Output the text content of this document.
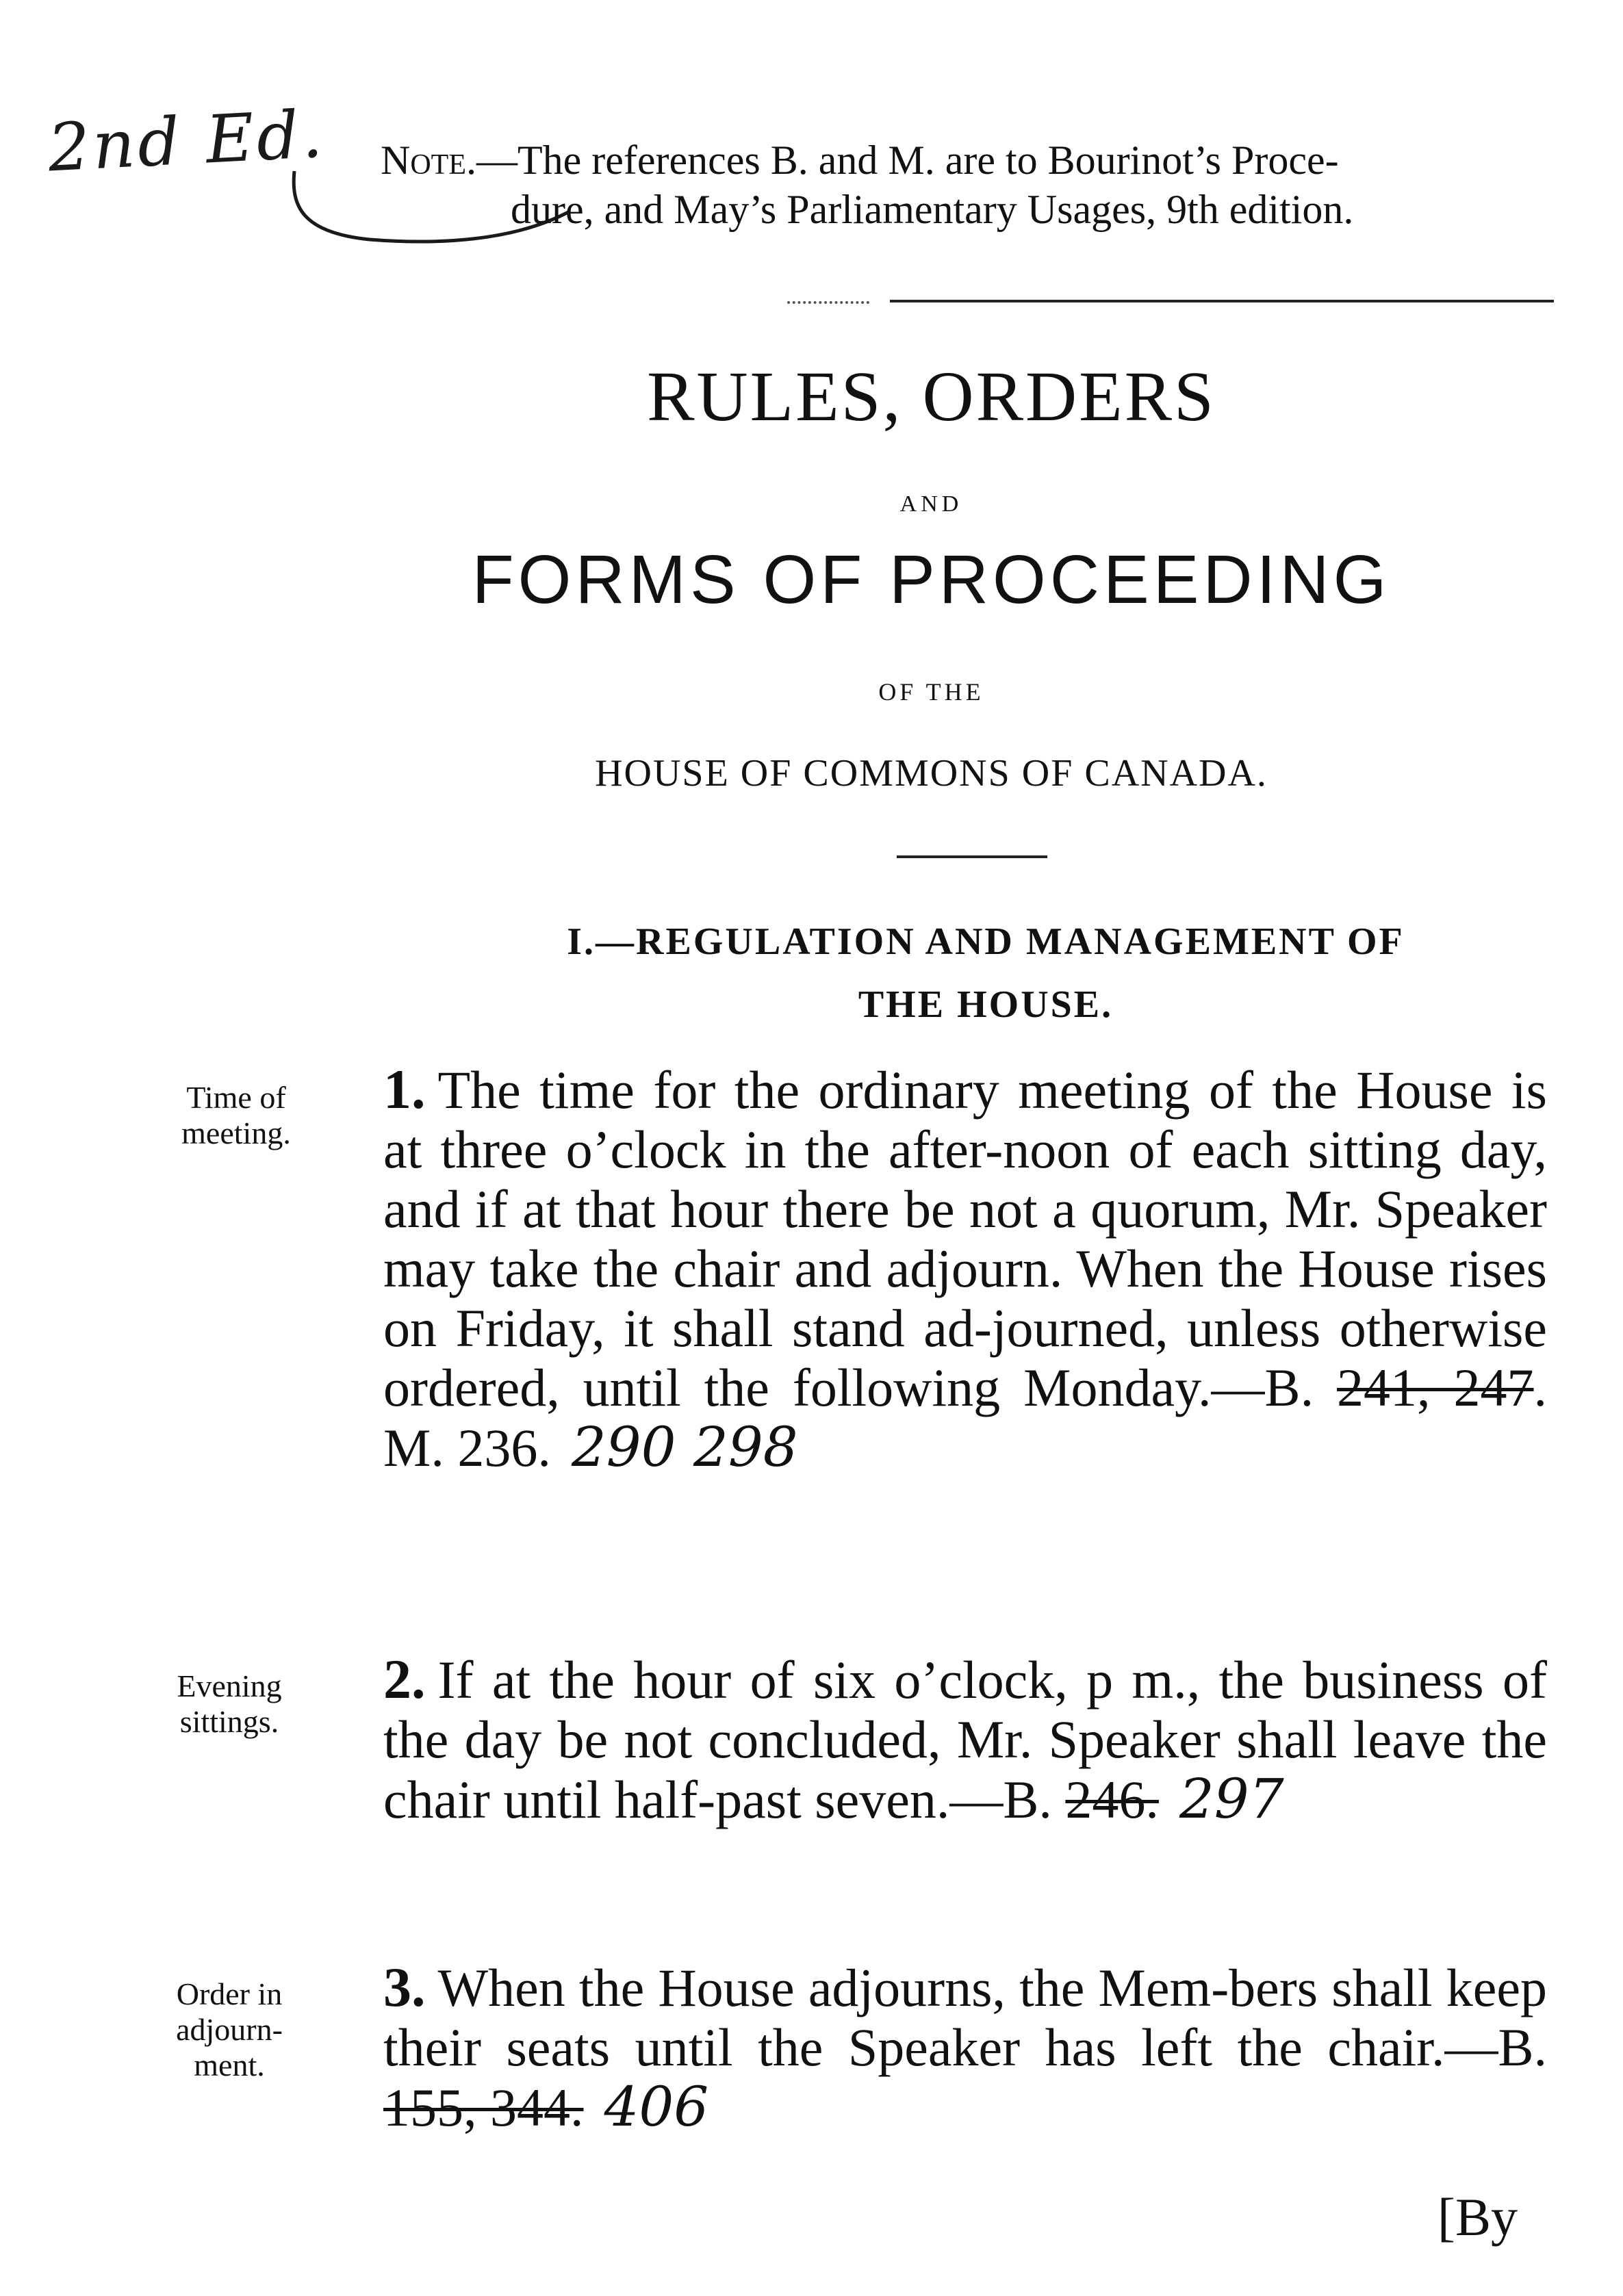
2nd Ed. Note.—The references B. and M. are to Bourinot’s Proce-
dure, and May’s Parliamentary Usages, 9th edition.
RULES, ORDERS
AND
FORMS OF PROCEEDING
OF THE
HOUSE OF COMMONS OF CANADA.
I.—REGULATION AND MANAGEMENT OF
THE HOUSE.
Time of
meeting.
1. The time for the ordinary meeting of the House is at three o’clock in the after-noon of each sitting day, and if at that hour there be not a quorum, Mr. Speaker may take the chair and adjourn. When the House rises on Friday, it shall stand ad-journed, unless otherwise ordered, until the following Monday.—B. 241, 247. M. 236. 290 298
Evening
sittings.
2. If at the hour of six o’clock, p m., the business of the day be not concluded, Mr. Speaker shall leave the chair until half-past seven.—B. 246. 297
Order in
adjourn-
ment.
3. When the House adjourns, the Mem-bers shall keep their seats until the Speaker has left the chair.—B. 155, 344. 406
[By
